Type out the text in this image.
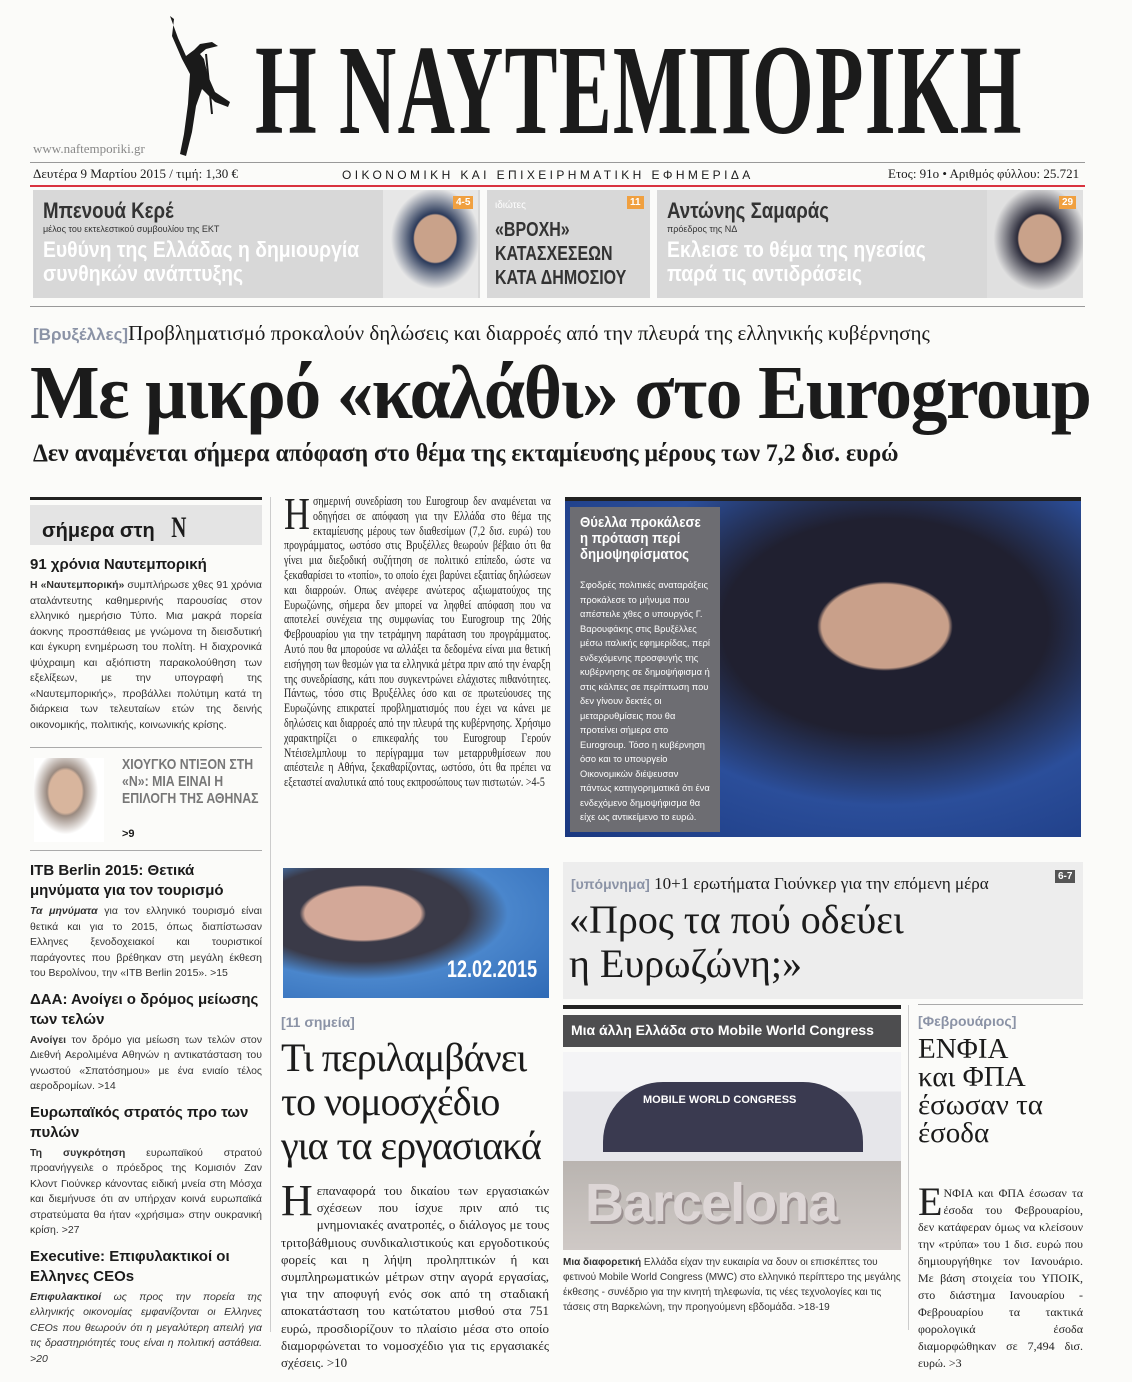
Η ΝΑΥΤΕΜΠΟΡΙΚΗ
www.naftemporiki.gr
Δευτέρα 9 Μαρτίου 2015 / τιμή: 1,30 €	ΟΙΚΟΝΟΜΙΚΗ ΚΑΙ ΕΠΙΧΕΙΡΗΜΑΤΙΚΗ ΕΦΗΜΕΡΙΔΑ	Ετος: 91ο • Αριθμός φύλλου: 25.721
Μπενουά Κερέ
μέλος του εκτελεστικού συμβουλίου της ΕΚΤ
Ευθύνη της Ελλάδας η δημιουργία συνθηκών ανάπτυξης
4-5	ιδιώτες
«ΒΡΟΧΗ» ΚΑΤΑΣΧΕΣΕΩΝ ΚΑΤΑ ΔΗΜΟΣΙΟΥ
11 Αντώνης Σαμαράς
πρόεδρος της ΝΔ
Εκλεισε το θέμα της ηγεσίας παρά τις αντιδράσεις
29
[Βρυξέλλες]Προβληματισμό προκαλούν δηλώσεις και διαρροές από την πλευρά της ελληνικής κυβέρνησης
Με μικρό «καλάθι» στο Eurogroup
Δεν αναμένεται σήμερα απόφαση στο θέμα της εκταμίευσης μέρους των 7,2 δισ. ευρώ
σήμερα στη N
91 χρόνια Ναυτεμπορική
Η «Ναυτεμπορική» συμπλήρωσε χθες 91 χρόνια αταλάντευτης καθημερινής παρουσίας στον ελληνικό ημερήσιο Τύπο. Μια μακρά πορεία άοκνης προσπάθειας με γνώμονα τη διεισδυτική και έγκυρη ενημέρωση του πολίτη. Η διαχρονικά ψύχραιμη και αξιόπιστη παρακολούθηση των εξελίξεων, με την υπογραφή της «Ναυτεμπορικής», προβάλλει πολύτιμη κατά τη διάρκεια των τελευταίων ετών της δεινής οικονομικής, πολιτικής, κοινωνικής κρίσης.
ΧΙΟΥΓΚΟ ΝΤΙΞΟΝ ΣΤΗ «Ν»: ΜΙΑ ΕΙΝΑΙ Η ΕΠΙΛΟΓΗ ΤΗΣ ΑΘΗΝΑΣ
>9
ITB Berlin 2015: Θετικά μηνύματα για τον τουρισμό
Τα μηνύματα για τον ελληνικό τουρισμό είναι θετικά και για το 2015, όπως διαπίστωσαν Ελληνες ξενοδοχειακοί και τουριστικοί παράγοντες που βρέθηκαν στη μεγάλη έκθεση του Βερολίνου, την «ITB Berlin 2015». >15
ΔΑΑ: Ανοίγει ο δρόμος μείωσης των τελών
Ανοίγει τον δρόμο για μείωση των τελών στον Διεθνή Αερολιμένα Αθηνών η αντικατάσταση του γνωστού «Σπατόσημου» με ένα ενιαίο τέλος αεροδρομίων. >14
Ευρωπαϊκός στρατός προ των πυλών
Τη συγκρότηση ευρωπαϊκού στρατού προανήγγειλε ο πρόεδρος της Κομισιόν Ζαν Κλοντ Γιούνκερ κάνοντας ειδική μνεία στη Μόσχα και διεμήνυσε ότι αν υπήρχαν κοινά ευρωπαϊκά στρατεύματα θα ήταν «χρήσιμα» στην ουκρανική κρίση. >27
Executive: Επιφυλακτικοί οι Ελληνες CEOs
Επιφυλακτικοί ως προς την πορεία της ελληνικής οικονομίας εμφανίζονται οι Ελληνες CEOs που θεωρούν ότι η μεγαλύτερη απειλή για τις δραστηριότητές τους είναι η πολιτική αστάθεια. >20
Ησημερινή συνεδρίαση του Eurogroup δεν αναμένεται να οδηγήσει σε απόφαση για την Ελλάδα στο θέμα της εκταμίευσης μέρους των διαθεσίμων (7,2 δισ. ευρώ) του προγράμματος, ωστόσο στις Βρυξέλλες θεωρούν βέβαιο ότι θα γίνει μια διεξοδική συζήτηση σε πολιτικό επίπεδο, ώστε να ξεκαθαρίσει το «τοπίο», το οποίο έχει βαρύνει εξαιτίας δηλώσεων και διαρροών. Οπως ανέφερε ανώτερος αξιωματούχος της Ευρωζώνης, σήμερα δεν μπορεί να ληφθεί απόφαση που να αποτελεί συνέχεια της συμφωνίας του Eurogroup της 20ής Φεβρουαρίου για την τετράμηνη παράταση του προγράμματος. Αυτό που θα μπορούσε να αλλάξει τα δεδομένα είναι μια θετική εισήγηση των θεσμών για τα ελληνικά μέτρα πριν από την έναρξη της συνεδρίασης, κάτι που συγκεντρώνει ελάχιστες πιθανότητες. Πάντως, τόσο στις Βρυξέλλες όσο και σε πρωτεύουσες της Ευρωζώνης επικρατεί προβληματισμός που έχει να κάνει με δηλώσεις και διαρροές από την πλευρά της κυβέρνησης. Χρήσιμο χαρακτηρίζει ο επικεφαλής του Eurogroup Γερούν Ντέισελμπλουμ το περίγραμμα των μεταρρυθμίσεων που απέστειλε η Αθήνα, ξεκαθαρίζοντας, ωστόσο, ότι θα πρέπει να εξεταστεί αναλυτικά από τους εκπροσώπους των πιστωτών. >4-5
Θύελλα προκάλεσε η πρόταση περί δημοψηφίσματος
Σφοδρές πολιτικές αναταράξεις προκάλεσε το μήνυμα που απέστειλε χθες ο υπουργός Γ. Βαρουφάκης στις Βρυξέλλες μέσω ιταλικής εφημερίδας, περί ενδεχόμενης προσφυγής της κυβέρνησης σε δημοψήφισμα ή στις κάλπες σε περίπτωση που δεν γίνουν δεκτές οι μεταρρυθμίσεις που θα προτείνει σήμερα στο Eurogroup. Τόσο η κυβέρνηση όσο και το υπουργείο Οικονομικών διέψευσαν πάντως κατηγορηματικά ότι ένα ενδεχόμενο δημοψήφισμα θα είχε ως αντικείμενο το ευρώ.
12.02.2015
[υπόμνημα] 10+1 ερωτήματα Γιούνκερ για την επόμενη μέρα
«Προς τα πού οδεύει η Ευρωζώνη;»
6-7
[11 σημεία]
Τι περιλαμβάνει το νομοσχέδιο για τα εργασιακά
Ηεπαναφορά του δικαίου των εργασιακών σχέσεων που ίσχυε πριν από τις μνημονιακές ανατροπές, ο διάλογος με τους τριτοβάθμιους συνδικαλιστικούς και εργοδοτικούς φορείς και η λήψη προληπτικών ή και συμπληρωματικών μέτρων στην αγορά εργασίας, για την αποφυγή ενός σοκ από τη σταδιακή αποκατάσταση του κατώτατου μισθού στα 751 ευρώ, προσδιορίζουν το πλαίσιο μέσα στο οποίο διαμορφώνεται το νομοσχέδιο για τις εργασιακές σχέσεις. >10
Μια άλλη Ελλάδα στο Mobile World Congress
MOBILE WORLD CONGRESS
Barcelona
Μια διαφορετική Ελλάδα είχαν την ευκαιρία να δουν οι επισκέπτες του φετινού Mobile World Congress (MWC) στο ελληνικό περίπτερο της μεγάλης έκθεσης - συνέδριο για την κινητή τηλεφωνία, τις νέες τεχνολογίες και τις τάσεις στη Βαρκελώνη, την προηγούμενη εβδομάδα. >18-19
[Φεβρουάριος]
ΕΝΦΙΑ και ΦΠΑ έσωσαν τα έσοδα
ΕΝΦΙΑ και ΦΠΑ έσωσαν τα έσοδα του Φεβρουαρίου, δεν κατάφεραν όμως να κλείσουν την «τρύπα» του 1 δισ. ευρώ που δημιουργήθηκε τον Ιανουάριο. Με βάση στοιχεία του ΥΠΟΙΚ, στο διάστημα Ιανουαρίου - Φεβρουαρίου τα τακτικά φορολογικά έσοδα διαμορφώθηκαν σε 7,494 δισ. ευρώ. >3
